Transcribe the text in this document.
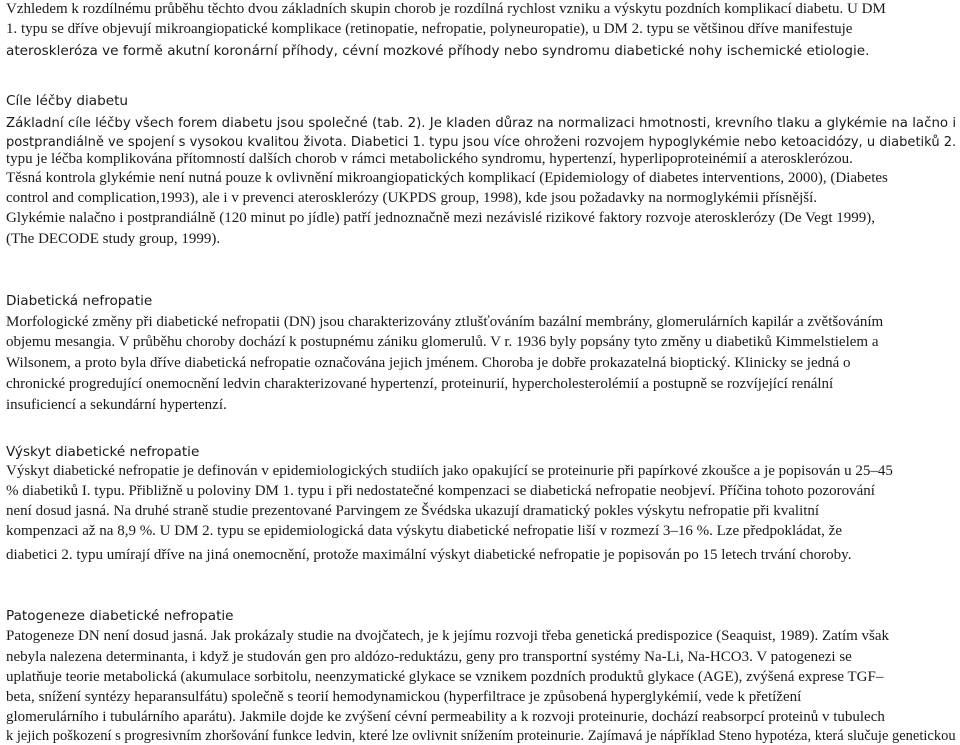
Vzhledem k rozdílnému průběhu těchto dvou základních skupin chorob je rozdílná rychlost vzniku a výskytu pozdních komplikací diabetu. U DM
1. typu se dříve objevují mikroangiopatické komplikace (retinopatie, nefropatie, polyneuropatie), u DM 2. typu se většinou dříve manifestuje
ateroskleróza ve formě akutní koronární příhody, cévní mozkové příhody nebo syndromu diabetické nohy ischemické etiologie.
Cíle léčby diabetu
Základní cíle léčby všech forem diabetu jsou společné (tab. 2). Je kladen důraz na normalizaci hmotnosti, krevního tlaku a glykémie na lačno i
postprandiálně ve spojení s vysokou kvalitou života. Diabetici 1. typu jsou více ohroženi rozvojem hypoglykémie nebo ketoacidózy, u diabetiků 2.
typu je léčba komplikována přítomností dalších chorob v rámci metabolického syndromu, hypertenzí, hyperlipoproteinémií a aterosklerózou.
Těsná kontrola glykémie není nutná pouze k ovlivnění mikroangiopatických komplikací (Epidemiology of diabetes interventions, 2000), (Diabetes
control and complication,1993), ale i v prevenci aterosklerózy (UKPDS group, 1998), kde jsou požadavky na normoglykémii přísnější.
Glykémie nalačno i postprandiálně (120 minut po jídle) patří jednoznačně mezi nezávislé rizikové faktory rozvoje aterosklerózy (De Vegt 1999),
(The DECODE study group, 1999).
Diabetická nefropatie
Morfologické změny při diabetické nefropatii (DN) jsou charakterizovány ztlušťováním bazální membrány, glomerulárních kapilár a zvětšováním
objemu mesangia. V průběhu choroby dochází k postupnému zániku glomerulů. V r. 1936 byly popsány tyto změny u diabetiků Kimmelstielem a
Wilsonem, a proto byla dříve diabetická nefropatie označována jejich jménem. Choroba je dobře prokazatelná bioptický. Klinicky se jedná o
chronické progredující onemocnění ledvin charakterizované hypertenzí, proteinurií, hypercholesterolémií a postupně se rozvíjející renální
insuficiencí a sekundární hypertenzí.
Výskyt diabetické nefropatie
Výskyt diabetické nefropatie je definován v epidemiologických studiích jako opakující se proteinurie při papírkové zkoušce a je popisován u 25–45
% diabetiků I. typu. Přibližně u poloviny DM 1. typu i při nedostatečné kompenzaci se diabetická nefropatie neobjeví. Příčina tohoto pozorování
není dosud jasná. Na druhé straně studie prezentované Parvingem ze Švédska ukazují dramatický pokles výskytu nefropatie při kvalitní
kompenzaci až na 8,9 %. U DM 2. typu se epidemiologická data výskytu diabetické nefropatie liší v rozmezí 3–16 %. Lze předpokládat, že
diabetici 2. typu umírají dříve na jiná onemocnění, protože maximální výskyt diabetické nefropatie je popisován po 15 letech trvání choroby.
Patogeneze diabetické nefropatie
Patogeneze DN není dosud jasná. Jak prokázaly studie na dvojčatech, je k jejímu rozvoji třeba genetická predispozice (Seaquist, 1989). Zatím však
nebyla nalezena determinanta, i když je studován gen pro aldózo-reduktázu, geny pro transportní systémy Na-Li, Na-HCO3. V patogenezi se
uplatňuje teorie metabolická (akumulace sorbitolu, neenzymatické glykace se vznikem pozdních produktů glykace (AGE), zvýšená exprese TGF–
beta, snížení syntézy heparansulfátu) společně s teorií hemodynamickou (hyperfiltrace je způsobená hyperglykémií, vede k přetížení
glomerulárního i tubulárního aparátu). Jakmile dojde ke zvýšení cévní permeability a k rozvoji proteinurie, dochází reabsorpcí proteinů v tubulech
k jejich poškození s progresivním zhoršování funkce ledvin, které lze ovlivnit snížením proteinurie. Zajímavá je nápříklad Steno hypotéza, která slučuje genetickou
